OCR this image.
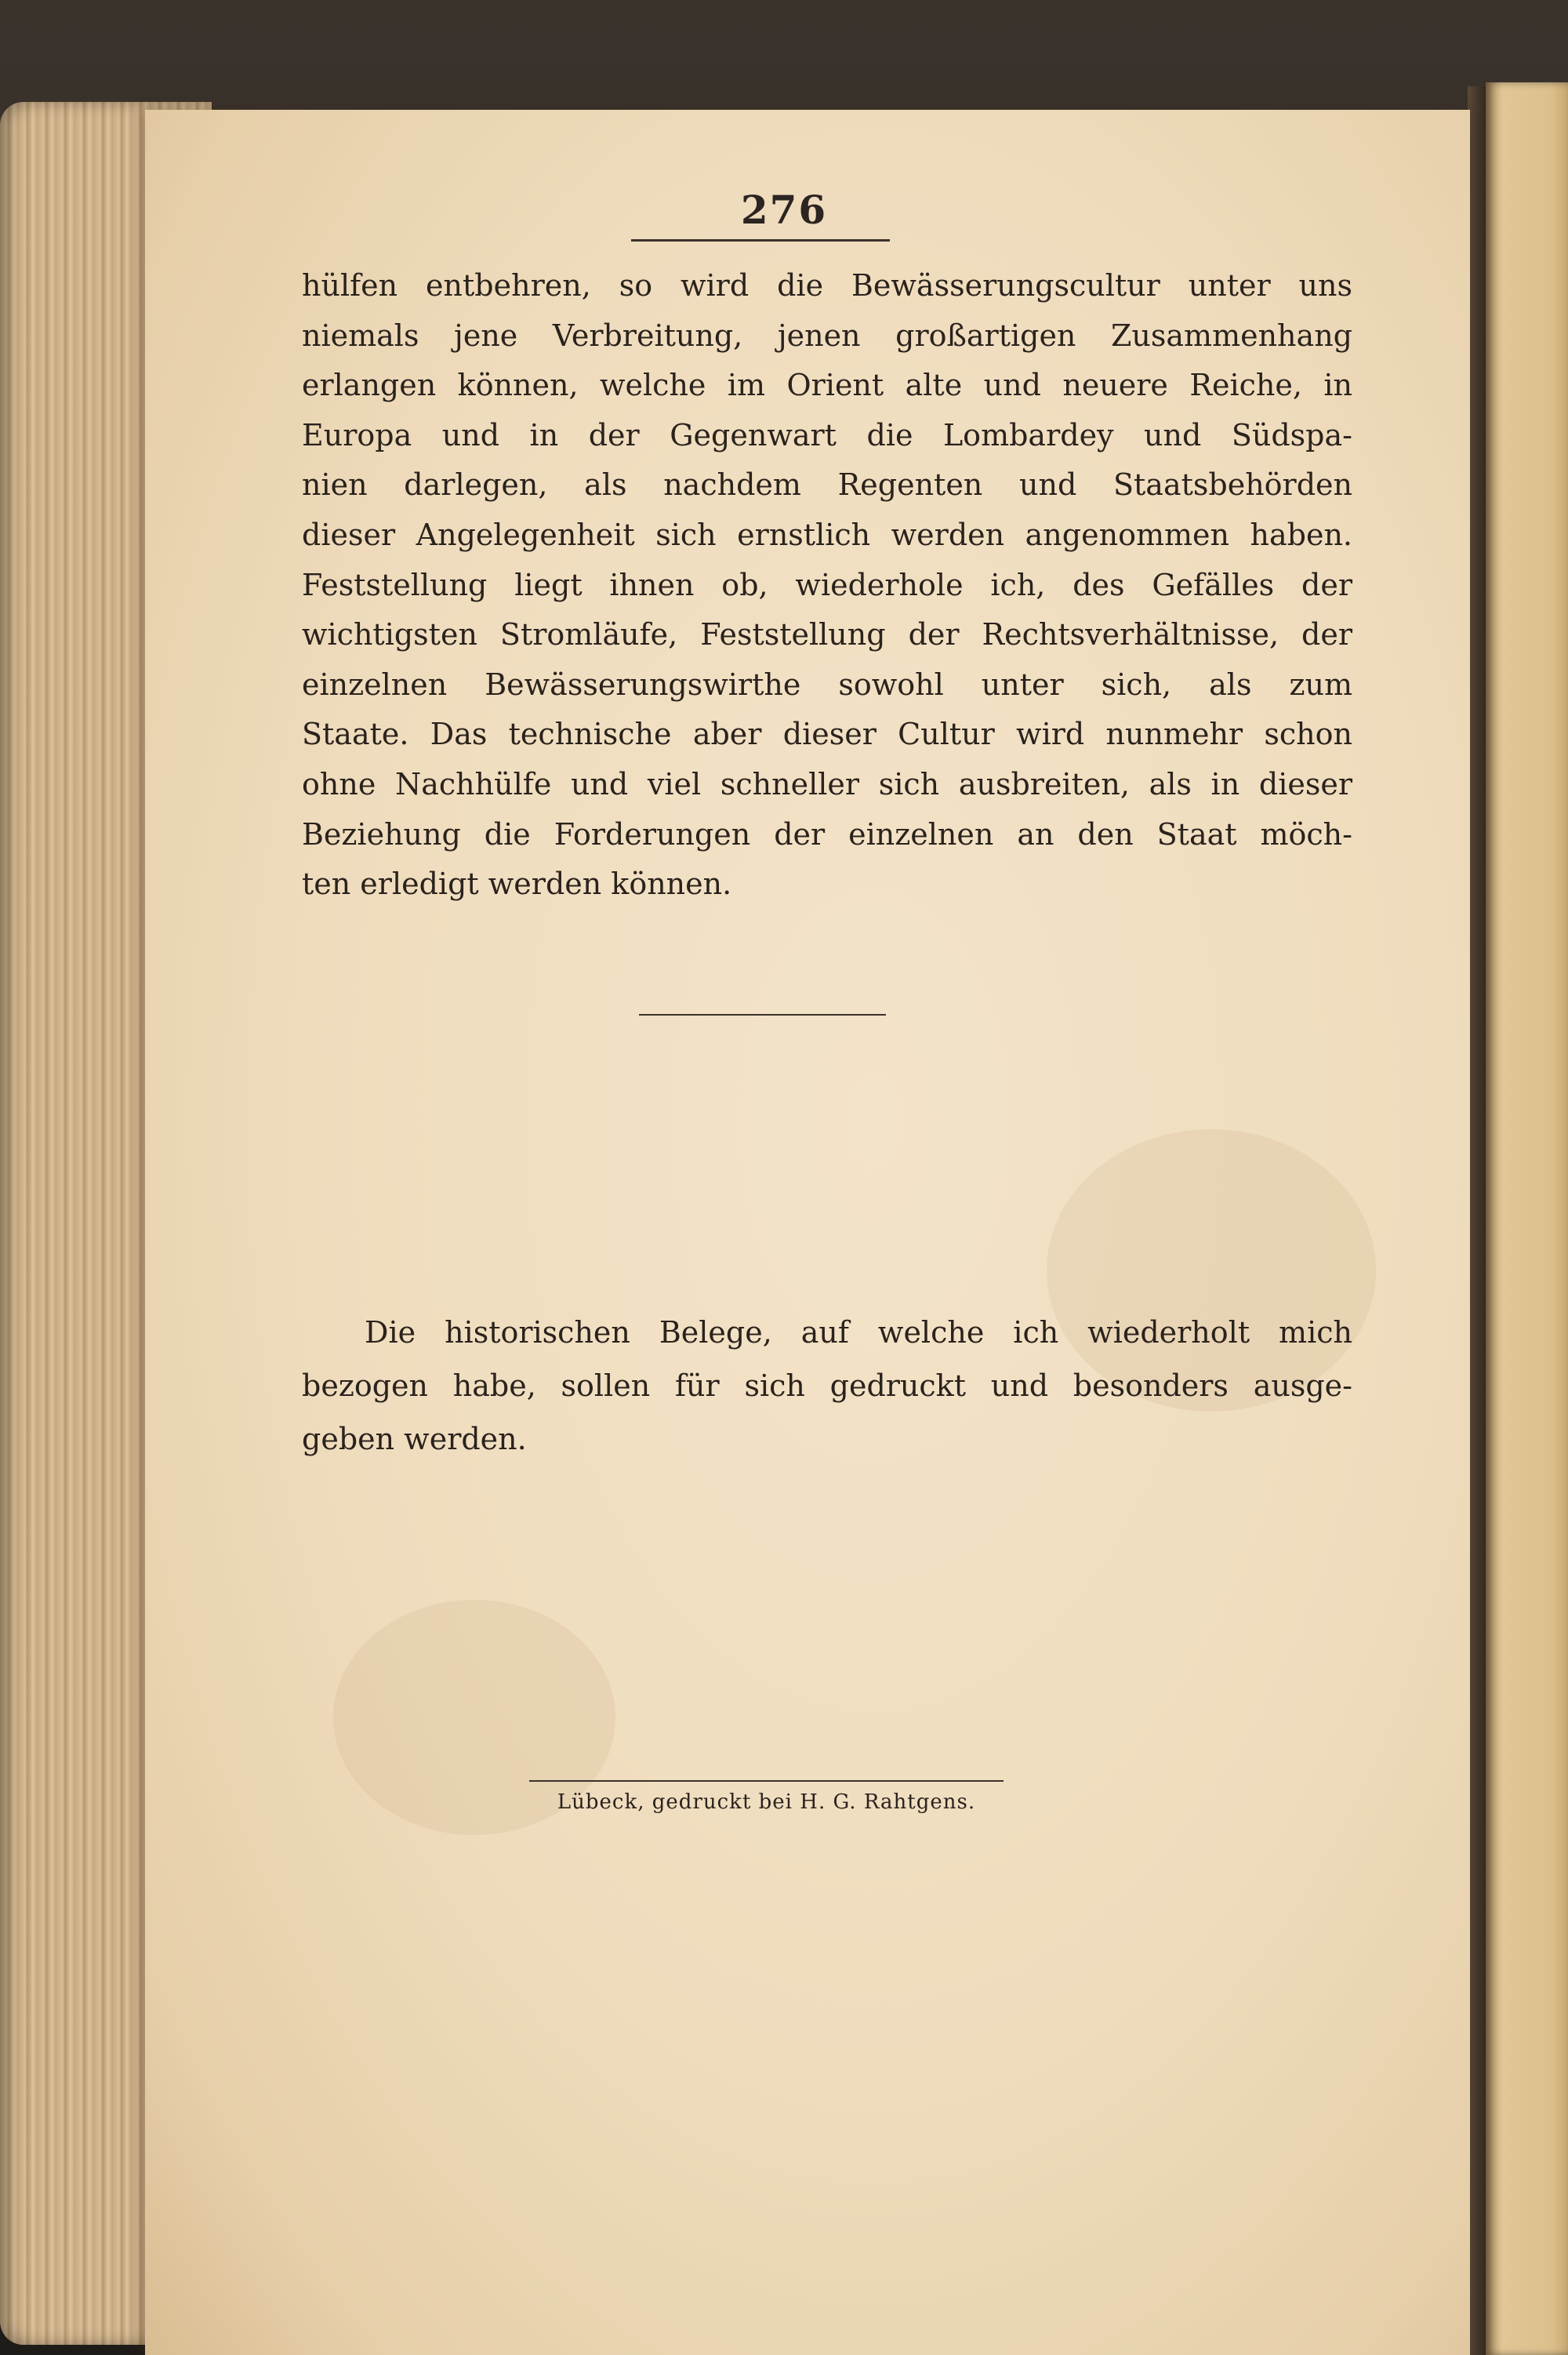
276
hülfen entbehren, so wird die Bewässerungscultur unter uns
niemals jene Verbreitung, jenen großartigen Zusammenhang
erlangen können, welche im Orient alte und neuere Reiche, in
Europa und in der Gegenwart die Lombardey und Südspa-
nien darlegen, als nachdem Regenten und Staatsbehörden
dieser Angelegenheit sich ernstlich werden angenommen haben.
Feststellung liegt ihnen ob, wiederhole ich, des Gefälles der
wichtigsten Stromläufe, Feststellung der Rechtsverhältnisse, der
einzelnen Bewässerungswirthe sowohl unter sich, als zum
Staate. Das technische aber dieser Cultur wird nunmehr schon
ohne Nachhülfe und viel schneller sich ausbreiten, als in dieser
Beziehung die Forderungen der einzelnen an den Staat möch-
ten erledigt werden können.
Die historischen Belege, auf welche ich wiederholt mich
bezogen habe, sollen für sich gedruckt und besonders ausge-
geben werden.
Lübeck, gedruckt bei H. G. Rahtgens.
